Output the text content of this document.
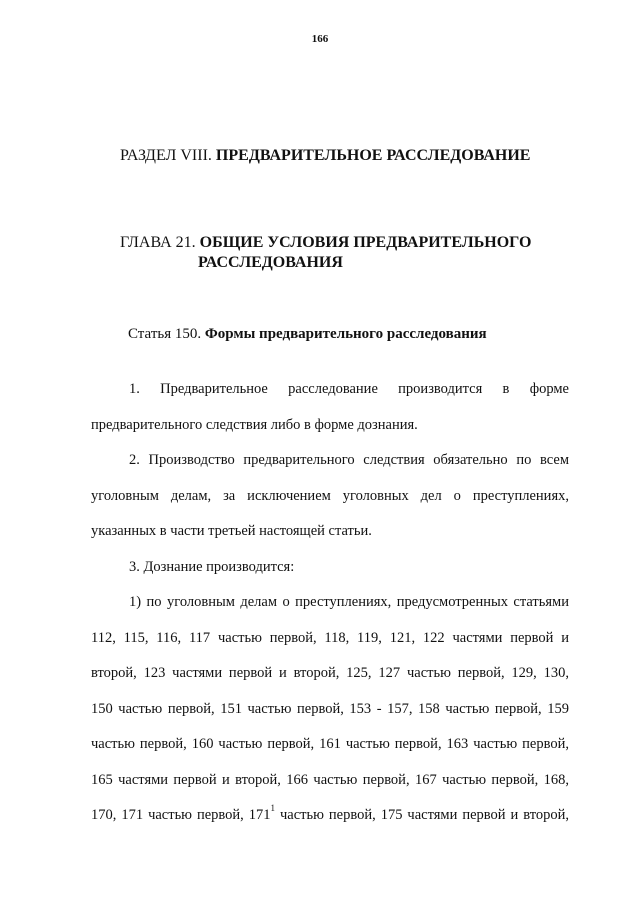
166
РАЗДЕЛ VIII. ПРЕДВАРИТЕЛЬНОЕ РАССЛЕДОВАНИЕ
ГЛАВА 21. ОБЩИЕ УСЛОВИЯ ПРЕДВАРИТЕЛЬНОГО
РАССЛЕДОВАНИЯ
Статья 150. Формы предварительного расследования
1. Предварительное расследование производится в форме
предварительного следствия либо в форме дознания.
2. Производство предварительного следствия обязательно по всем
уголовным делам, за исключением уголовных дел о преступлениях,
указанных в части третьей настоящей статьи.
3. Дознание производится:
1) по уголовным делам о преступлениях, предусмотренных статьями
112, 115, 116, 117 частью первой, 118, 119, 121, 122 частями первой и
второй, 123 частями первой и второй, 125, 127 частью первой, 129, 130,
150 частью первой, 151 частью первой, 153 - 157, 158 частью первой, 159
частью первой, 160 частью первой, 161 частью первой, 163 частью первой,
165 частями первой и второй, 166 частью первой, 167 частью первой, 168,
170, 171 частью первой, $171^1$ частью первой, 175 частями первой и второй,
